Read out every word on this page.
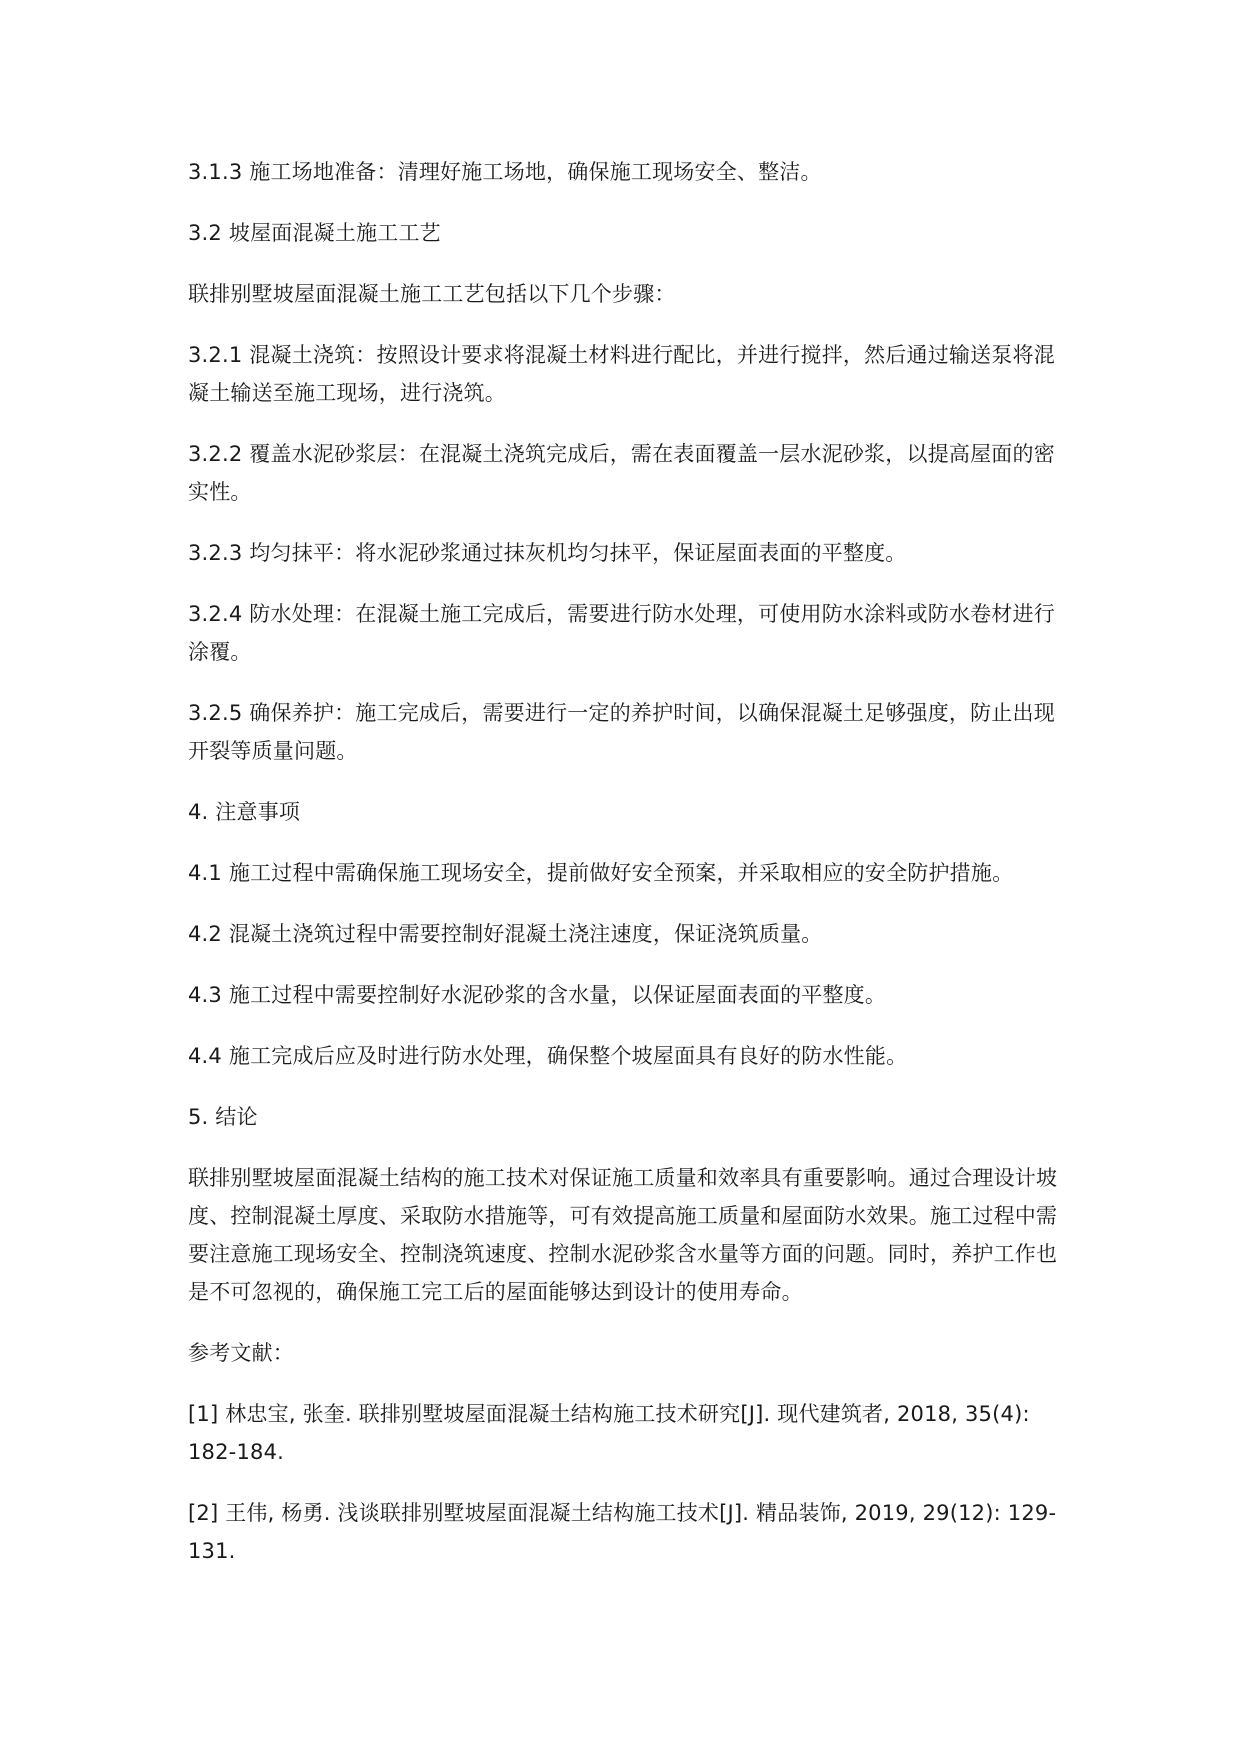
3.1.3 施工场地准备：清理好施工场地，确保施工现场安全、整洁。

3.2 坡屋面混凝土施工工艺

联排别墅坡屋面混凝土施工工艺包括以下几个步骤：

3.2.1 混凝土浇筑：按照设计要求将混凝土材料进行配比，并进行搅拌，然后通过输送泵将混凝土输送至施工现场，进行浇筑。

3.2.2 覆盖水泥砂浆层：在混凝土浇筑完成后，需在表面覆盖一层水泥砂浆，以提高屋面的密实性。

3.2.3 均匀抹平：将水泥砂浆通过抹灰机均匀抹平，保证屋面表面的平整度。

3.2.4 防水处理：在混凝土施工完成后，需要进行防水处理，可使用防水涂料或防水卷材进行涂覆。

3.2.5 确保养护：施工完成后，需要进行一定的养护时间，以确保混凝土足够强度，防止出现开裂等质量问题。

4. 注意事项

4.1 施工过程中需确保施工现场安全，提前做好安全预案，并采取相应的安全防护措施。

4.2 混凝土浇筑过程中需要控制好混凝土浇注速度，保证浇筑质量。

4.3 施工过程中需要控制好水泥砂浆的含水量，以保证屋面表面的平整度。

4.4 施工完成后应及时进行防水处理，确保整个坡屋面具有良好的防水性能。

5. 结论

联排别墅坡屋面混凝土结构的施工技术对保证施工质量和效率具有重要影响。通过合理设计坡度、控制混凝土厚度、采取防水措施等，可有效提高施工质量和屋面防水效果。施工过程中需要注意施工现场安全、控制浇筑速度、控制水泥砂浆含水量等方面的问题。同时，养护工作也是不可忽视的，确保施工完工后的屋面能够达到设计的使用寿命。

参考文献：

[1] 林忠宝, 张奎. 联排别墅坡屋面混凝土结构施工技术研究[J]. 现代建筑者, 2018, 35(4): 182-184.

[2] 王伟, 杨勇. 浅谈联排别墅坡屋面混凝土结构施工技术[J]. 精品装饰, 2019, 29(12): 129-131.
